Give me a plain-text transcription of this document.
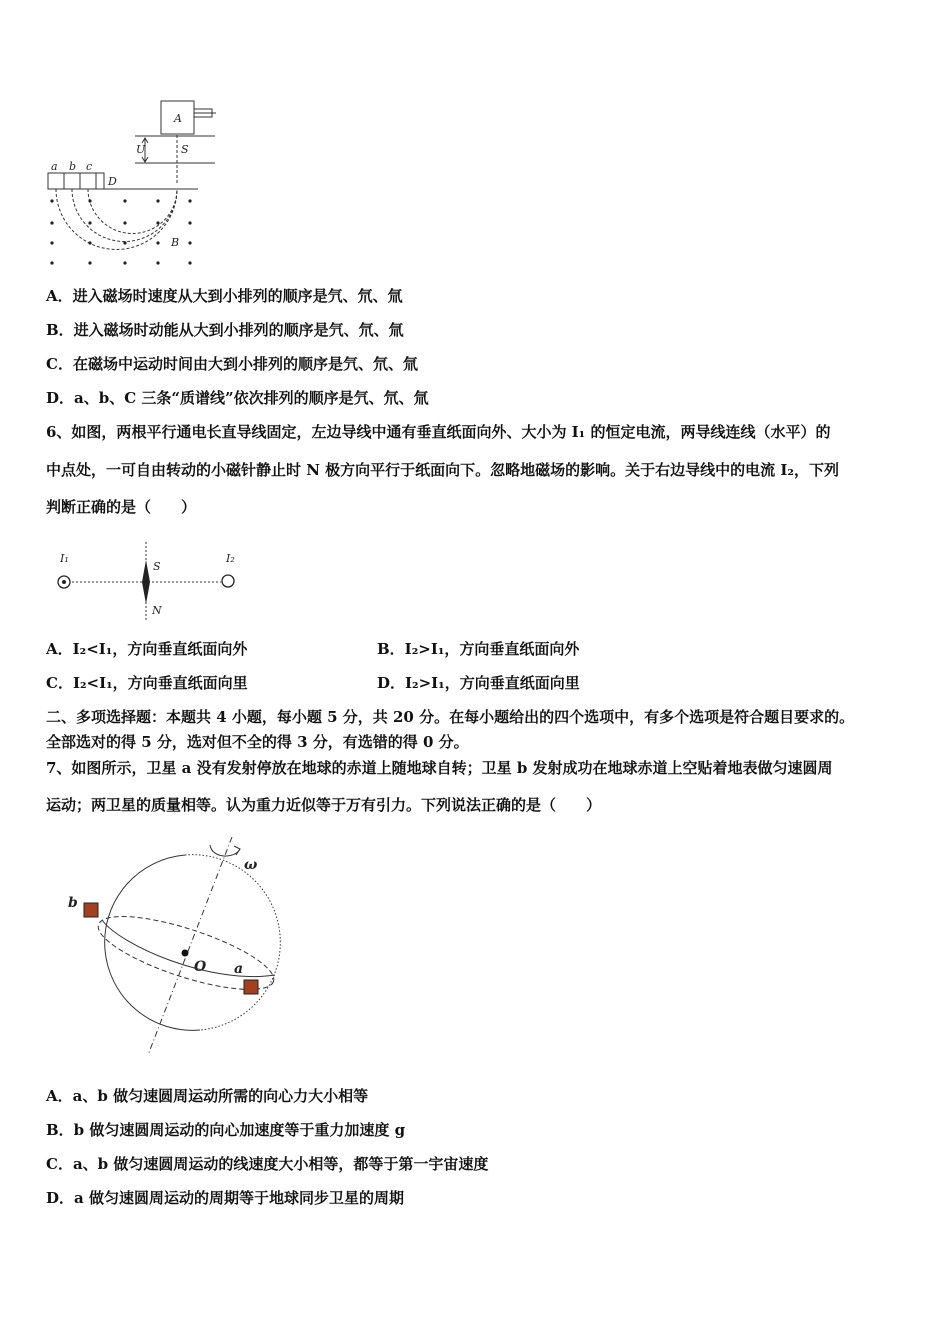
A
U	S
a b c
D
B
A．进入磁场时速度从大到小排列的顺序是氕、氘、氚
B．进入磁场时动能从大到小排列的顺序是氕、氘、氚
C．在磁场中运动时间由大到小排列的顺序是氕、氘、氚
D．a、b、C 三条“质谱线”依次排列的顺序是氕、氘、氚
6、如图，两根平行通电长直导线固定，左边导线中通有垂直纸面向外、大小为 I₁ 的恒定电流，两导线连线（水平）的
中点处，一可自由转动的小磁针静止时 N 极方向平行于纸面向下。忽略地磁场的影响。关于右边导线中的电流 I₂，下列
判断正确的是（　　）
I₁	I₂
S
N
A．I₂<I₁，方向垂直纸面向外	B．I₂>I₁，方向垂直纸面向外
C．I₂<I₁，方向垂直纸面向里	D．I₂>I₁，方向垂直纸面向里
二、多项选择题：本题共 4 小题，每小题 5 分，共 20 分。在每小题给出的四个选项中，有多个选项是符合题目要求的。
全部选对的得 5 分，选对但不全的得 3 分，有选错的得 0 分。
7、如图所示，卫星 a 没有发射停放在地球的赤道上随地球自转；卫星 b 发射成功在地球赤道上空贴着地表做匀速圆周
运动；两卫星的质量相等。认为重力近似等于万有引力。下列说法正确的是（　　）
ω
O
b
a
A．a、b 做匀速圆周运动所需的向心力大小相等
B．b 做匀速圆周运动的向心加速度等于重力加速度 g
C．a、b 做匀速圆周运动的线速度大小相等，都等于第一宇宙速度
D．a 做匀速圆周运动的周期等于地球同步卫星的周期
